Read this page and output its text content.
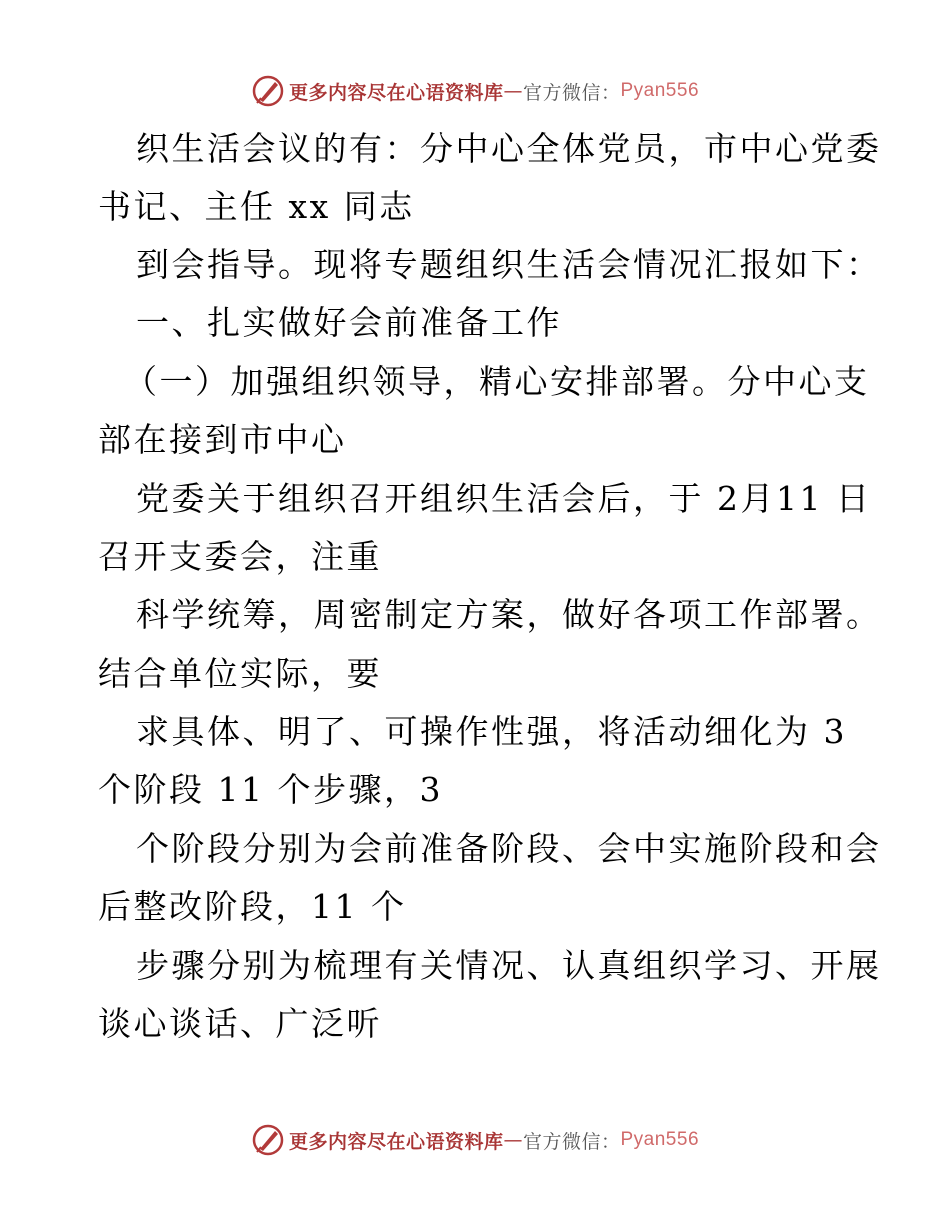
更多内容尽在心语资料库 — 官方微信： Pyan556
织生活会议的有：分中心全体党员，市中心党委
书记、主任 xx 同志
到会指导。现将专题组织生活会情况汇报如下：
一、扎实做好会前准备工作
（一）加强组织领导，精心安排部署。分中心支
部在接到市中心
党委关于组织召开组织生活会后，于 2月11 日
召开支委会，注重
科学统筹，周密制定方案，做好各项工作部署。
结合单位实际，要
求具体、明了、可操作性强，将活动细化为 3
个阶段 11 个步骤，3
个阶段分别为会前准备阶段、会中实施阶段和会
后整改阶段，11 个
步骤分别为梳理有关情况、认真组织学习、开展
谈心谈话、广泛听
更多内容尽在心语资料库 — 官方微信： Pyan556
